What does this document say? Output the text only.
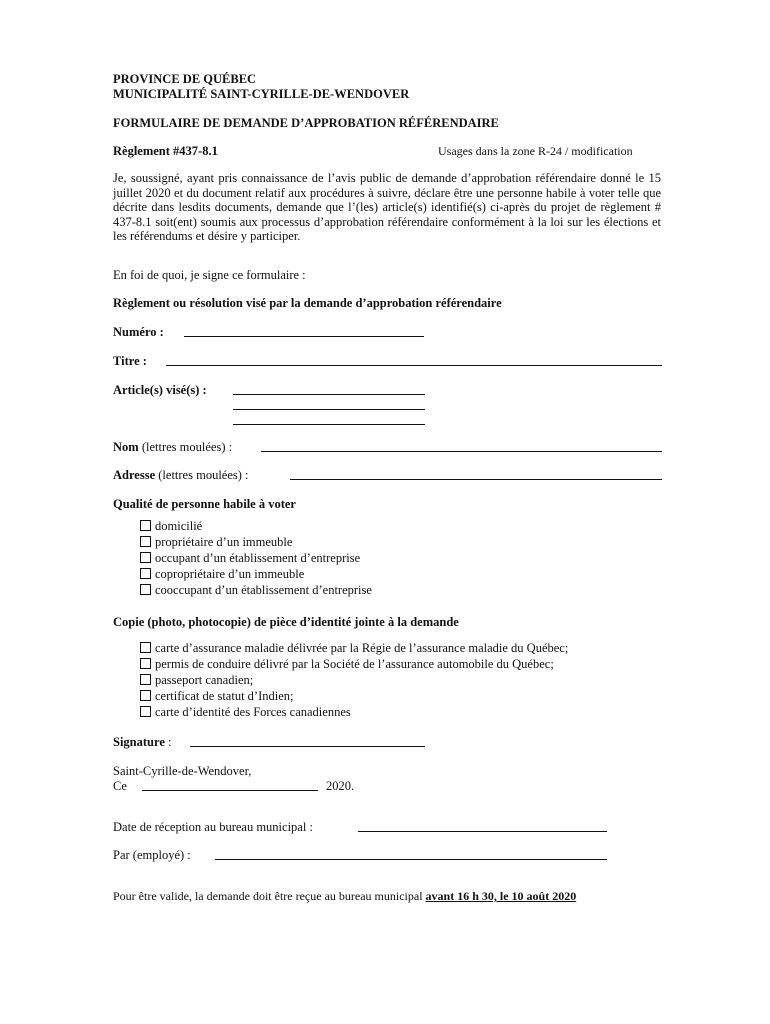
PROVINCE DE QUÉBEC
MUNICIPALITÉ SAINT-CYRILLE-DE-WENDOVER
FORMULAIRE DE DEMANDE D’APPROBATION RÉFÉRENDAIRE
Règlement #437-8.1	Usages dans la zone R-24 / modification
Je, soussigné, ayant pris connaissance de l’avis public de demande d’approbation référendaire donné le 15 juillet 2020 et du document relatif aux procédures à suivre, déclare être une personne habile à voter telle que décrite dans lesdits documents, demande que l’(les) article(s) identifié(s) ci-après du projet de règlement # 437-8.1 soit(ent) soumis aux processus d’approbation référendaire conformément à la loi sur les élections et les référendums et désire y participer.
En foi de quoi, je signe ce formulaire :
Règlement ou résolution visé par la demande d’approbation référendaire
Numéro :
Titre :
Article(s) visé(s) :
Nom (lettres moulées) :
Adresse (lettres moulées) :
Qualité de personne habile à voter
domicilié
propriétaire d’un immeuble
occupant d’un établissement d’entreprise
copropriétaire d’un immeuble
cooccupant d’un établissement d’entreprise
Copie (photo, photocopie) de pièce d’identité jointe à la demande
carte d’assurance maladie délivrée par la Régie de l’assurance maladie du Québec;
permis de conduire délivré par la Société de l’assurance automobile du Québec;
passeport canadien;
certificat de statut d’Indien;
carte d’identité des Forces canadiennes
Signature :
Saint-Cyrille-de-Wendover,
Ce	2020.
Date de réception au bureau municipal :
Par (employé) :
Pour être valide, la demande doit être reçue au bureau municipal avant 16 h 30, le 10 août 2020
